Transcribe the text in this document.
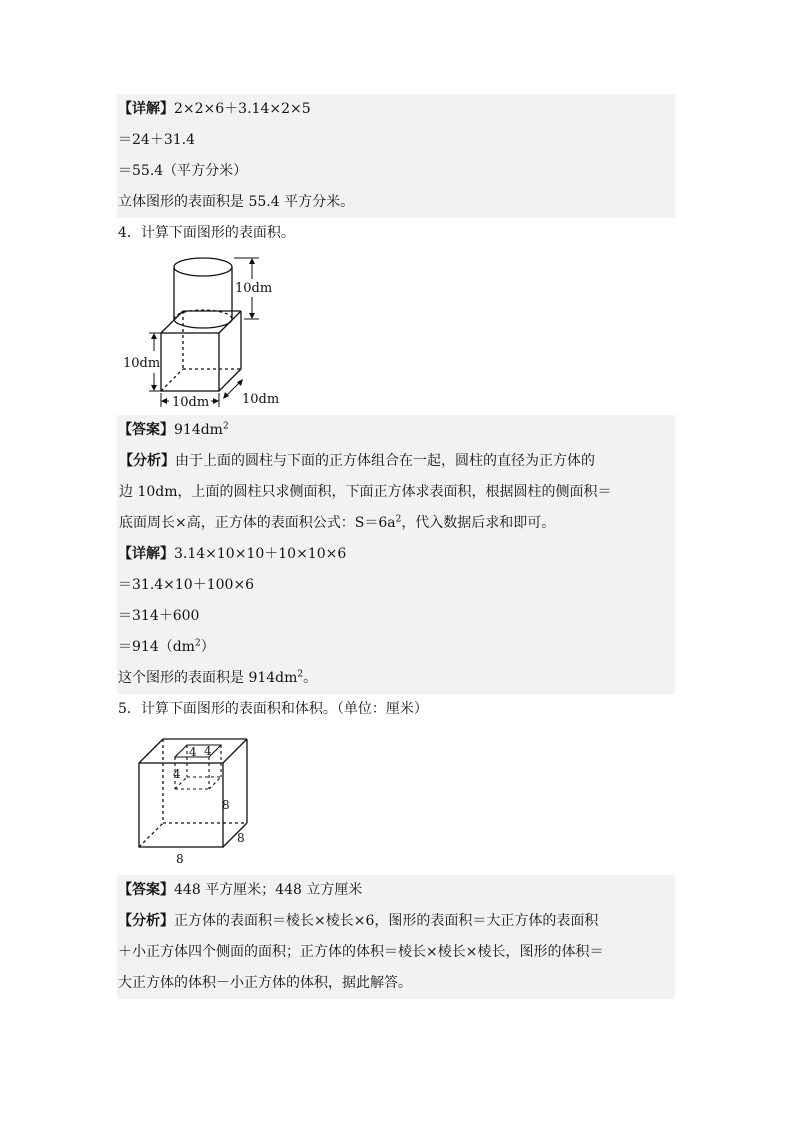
【详解】2×2×6＋3.14×2×5
＝24＋31.4
＝55.4（平方分米）
立体图形的表面积是 55.4 平方分米。
4．计算下面图形的表面积。
10dm
10dm
10dm	10dm
【答案】$914dm^2$
【分析】由于上面的圆柱与下面的正方体组合在一起，圆柱的直径为正方体的
边 10dm，上面的圆柱只求侧面积，下面正方体求表面积，根据圆柱的侧面积＝
底面周长×高，正方体的表面积公式：$S=6a^2$，代入数据后求和即可。
【详解】3.14×10×10＋10×10×6
＝31.4×10＋100×6
＝314＋600
$=914(dm^2)$
这个图形的表面积是 $914dm^2$。
5．计算下面图形的表面积和体积。（单位：厘米）
4 4
4
8
8
8
【答案】448 平方厘米；448 立方厘米
【分析】正方体的表面积＝棱长×棱长×6，图形的表面积＝大正方体的表面积
＋小正方体四个侧面的面积；正方体的体积＝棱长×棱长×棱长，图形的体积＝
大正方体的体积－小正方体的体积，据此解答。
